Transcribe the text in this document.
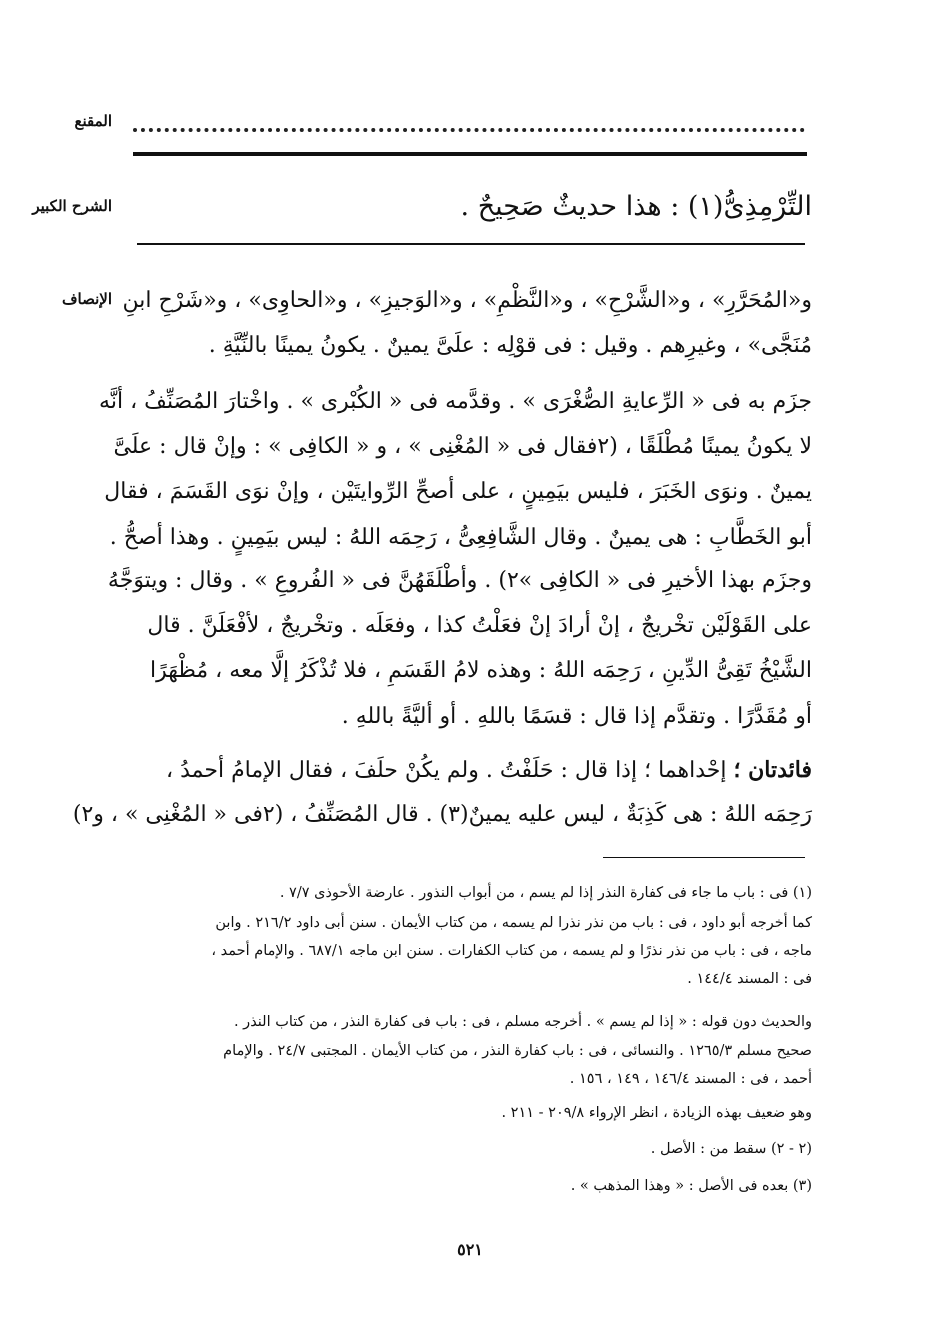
المقنع
الشرح الكبير	التِّرْمِذِىُّ(١) : هذا حديثٌ صَحِيحٌ .
الإنصاف و«المُحَرَّرِ» ، و«الشَّرْحِ» ، و«النَّظْمِ» ، و«الوَجيزِ» ، و«الحاوِى» ، و«شَرْحِ ابنِ
مُنَجَّى» ، وغيرِهم . وقيل : فى قوْلِه : علَىَّ يمينٌ . يكونُ يمينًا بالنِّيَّةِ .
جزَم به فى « الرِّعايةِ الصُّغْرَى » . وقدَّمه فى « الكُبْرى » . واخْتارَ المُصَنِّفُ ، أنَّه
لا يكونُ يمينًا مُطْلَقًا ، (٢فقال فى « المُغْنِى » ، و « الكافِى » : وإنْ قال : علَىَّ
يمينٌ . ونوَى الخَبَرَ ، فليس بيَمِينٍ ، على أصحِّ الرِّوايتَيْن ، وإنْ نوَى القَسَمَ ، فقال
أبو الخَطَّابِ : هى يمينٌ . وقال الشَّافِعِىُّ ، رَحِمَه اللهُ : ليس بيَمِينٍ . وهذا أصحُّ .
وجزَم بهذا الأخيرِ فى « الكافِى »٢) . وأطْلَقَهُنَّ فى « الفُروعِ » . وقال : ويتوَجَّهُ
على القَوْلَيْن تخْريجٌ ، إنْ أرادَ إنْ فعَلْتُ كذا ، وفعَلَه . وتخْريجٌ ، لأفْعَلَنَّ . قال
الشَّيْخُ تَقِىُّ الدِّينِ ، رَحِمَه اللهُ : وهذه لامُ القَسَمِ ، فلا تُذْكَرُ إلَّا معه ، مُظْهَرًا
أو مُقَدَّرًا . وتقدَّم إذا قال : قسَمًا باللهِ . أو أليَّةً باللهِ .
فائدتان ؛ إحْداهما ؛ إذا قال : حَلَفْتُ . ولم يكُنْ حلَفَ ، فقال الإمامُ أحمدُ ،
رَحِمَه اللهُ : هى كَذِبَةٌ ، ليس عليه يمينٌ(٣) . قال المُصَنِّفُ ، (٢فى « المُغْنِى » ، و٢)
(١) فى : باب ما جاء فى كفارة النذر إذا لم يسم ، من أبواب النذور . عارضة الأحوذى ٧/٧ .
كما أخرجه أبو داود ، فى : باب من نذر نذرا لم يسمه ، من كتاب الأيمان . سنن أبى داود ٢١٦/٢ . وابن
ماجه ، فى : باب من نذر نذرًا و لم يسمه ، من كتاب الكفارات . سنن ابن ماجه ٦٨٧/١ . والإمام أحمد ،
فى : المسند ١٤٤/٤ .
والحديث دون قوله : « إذا لم يسم » . أخرجه مسلم ، فى : باب فى كفارة النذر ، من كتاب النذر .
صحيح مسلم ١٢٦٥/٣ . والنسائى ، فى : باب كفارة النذر ، من كتاب الأيمان . المجتبى ٢٤/٧ . والإمام
أحمد ، فى : المسند ١٤٦/٤ ، ١٤٩ ، ١٥٦ .
وهو ضعيف بهذه الزيادة ، انظر الإرواء ٢٠٩/٨ - ٢١١ .
(٢ - ٢) سقط من : الأصل .
(٣) بعده فى الأصل : « وهذا المذهب » .
٥٢١
